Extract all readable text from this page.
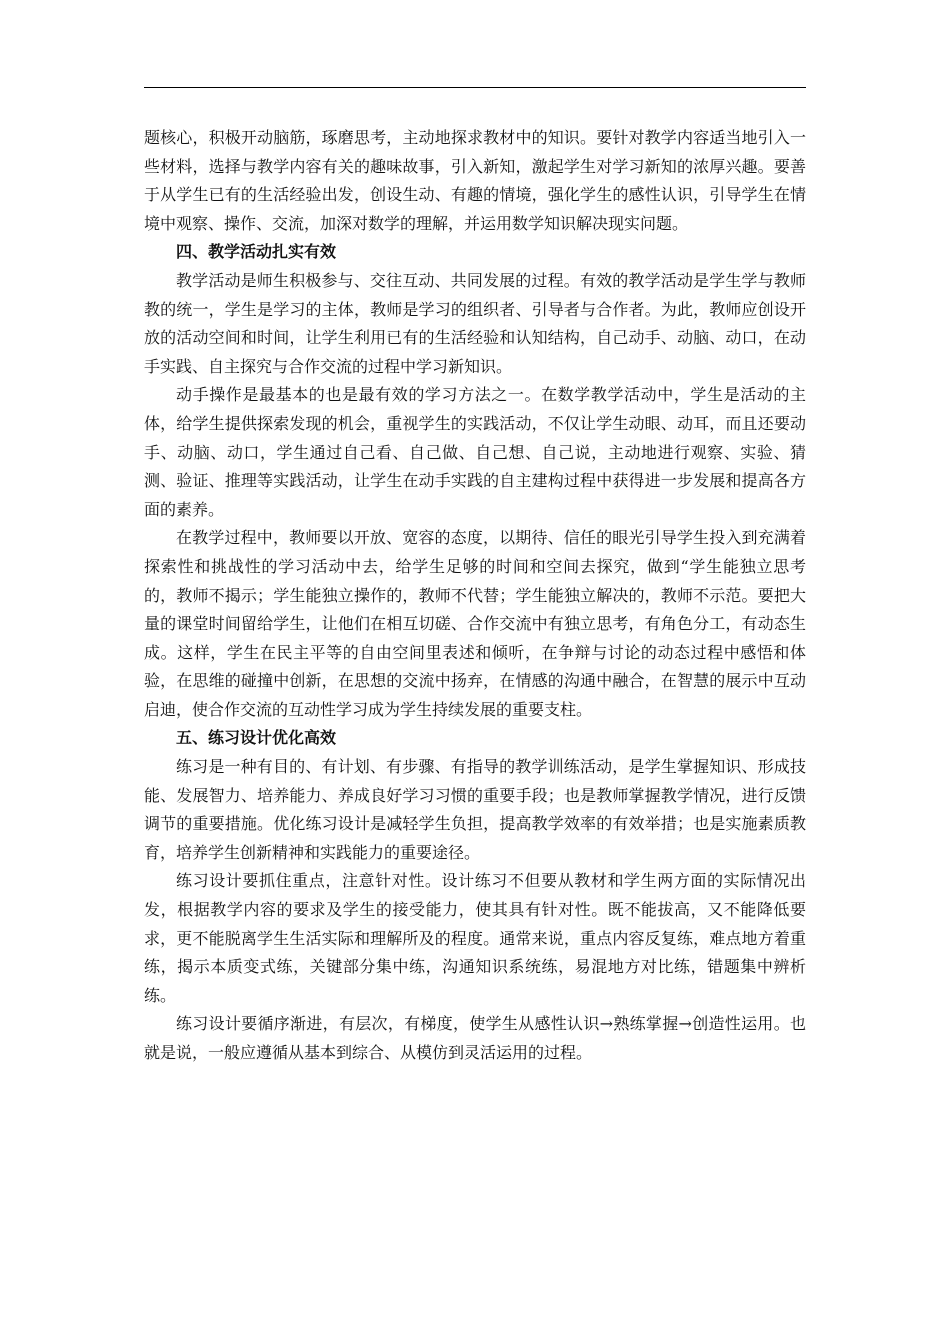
题核心，积极开动脑筋，琢磨思考，主动地探求教材中的知识。要针对教学内容适当地引入一些材料，选择与教学内容有关的趣味故事，引入新知，激起学生对学习新知的浓厚兴趣。要善于从学生已有的生活经验出发，创设生动、有趣的情境，强化学生的感性认识，引导学生在情境中观察、操作、交流，加深对数学的理解，并运用数学知识解决现实问题。

四、教学活动扎实有效

教学活动是师生积极参与、交往互动、共同发展的过程。有效的教学活动是学生学与教师教的统一，学生是学习的主体，教师是学习的组织者、引导者与合作者。为此，教师应创设开放的活动空间和时间，让学生利用已有的生活经验和认知结构，自己动手、动脑、动口，在动手实践、自主探究与合作交流的过程中学习新知识。

动手操作是最基本的也是最有效的学习方法之一。在数学教学活动中，学生是活动的主体，给学生提供探索发现的机会，重视学生的实践活动，不仅让学生动眼、动耳，而且还要动手、动脑、动口，学生通过自己看、自己做、自己想、自己说，主动地进行观察、实验、猜测、验证、推理等实践活动，让学生在动手实践的自主建构过程中获得进一步发展和提高各方面的素养。

在教学过程中，教师要以开放、宽容的态度，以期待、信任的眼光引导学生投入到充满着探索性和挑战性的学习活动中去，给学生足够的时间和空间去探究，做到“学生能独立思考的，教师不揭示；学生能独立操作的，教师不代替；学生能独立解决的，教师不示范。要把大量的课堂时间留给学生，让他们在相互切磋、合作交流中有独立思考，有角色分工，有动态生成。这样，学生在民主平等的自由空间里表述和倾听，在争辩与讨论的动态过程中感悟和体验，在思维的碰撞中创新，在思想的交流中扬弃，在情感的沟通中融合，在智慧的展示中互动启迪，使合作交流的互动性学习成为学生持续发展的重要支柱。

五、练习设计优化高效

练习是一种有目的、有计划、有步骤、有指导的教学训练活动，是学生掌握知识、形成技能、发展智力、培养能力、养成良好学习习惯的重要手段；也是教师掌握教学情况，进行反馈调节的重要措施。优化练习设计是减轻学生负担，提高教学效率的有效举措；也是实施素质教育，培养学生创新精神和实践能力的重要途径。

练习设计要抓住重点，注意针对性。设计练习不但要从教材和学生两方面的实际情况出发，根据教学内容的要求及学生的接受能力，使其具有针对性。既不能拔高，又不能降低要求，更不能脱离学生生活实际和理解所及的程度。通常来说，重点内容反复练，难点地方着重练，揭示本质变式练，关键部分集中练，沟通知识系统练，易混地方对比练，错题集中辨析练。

练习设计要循序渐进，有层次，有梯度，使学生从感性认识→熟练掌握→创造性运用。也就是说，一般应遵循从基本到综合、从模仿到灵活运用的过程。
